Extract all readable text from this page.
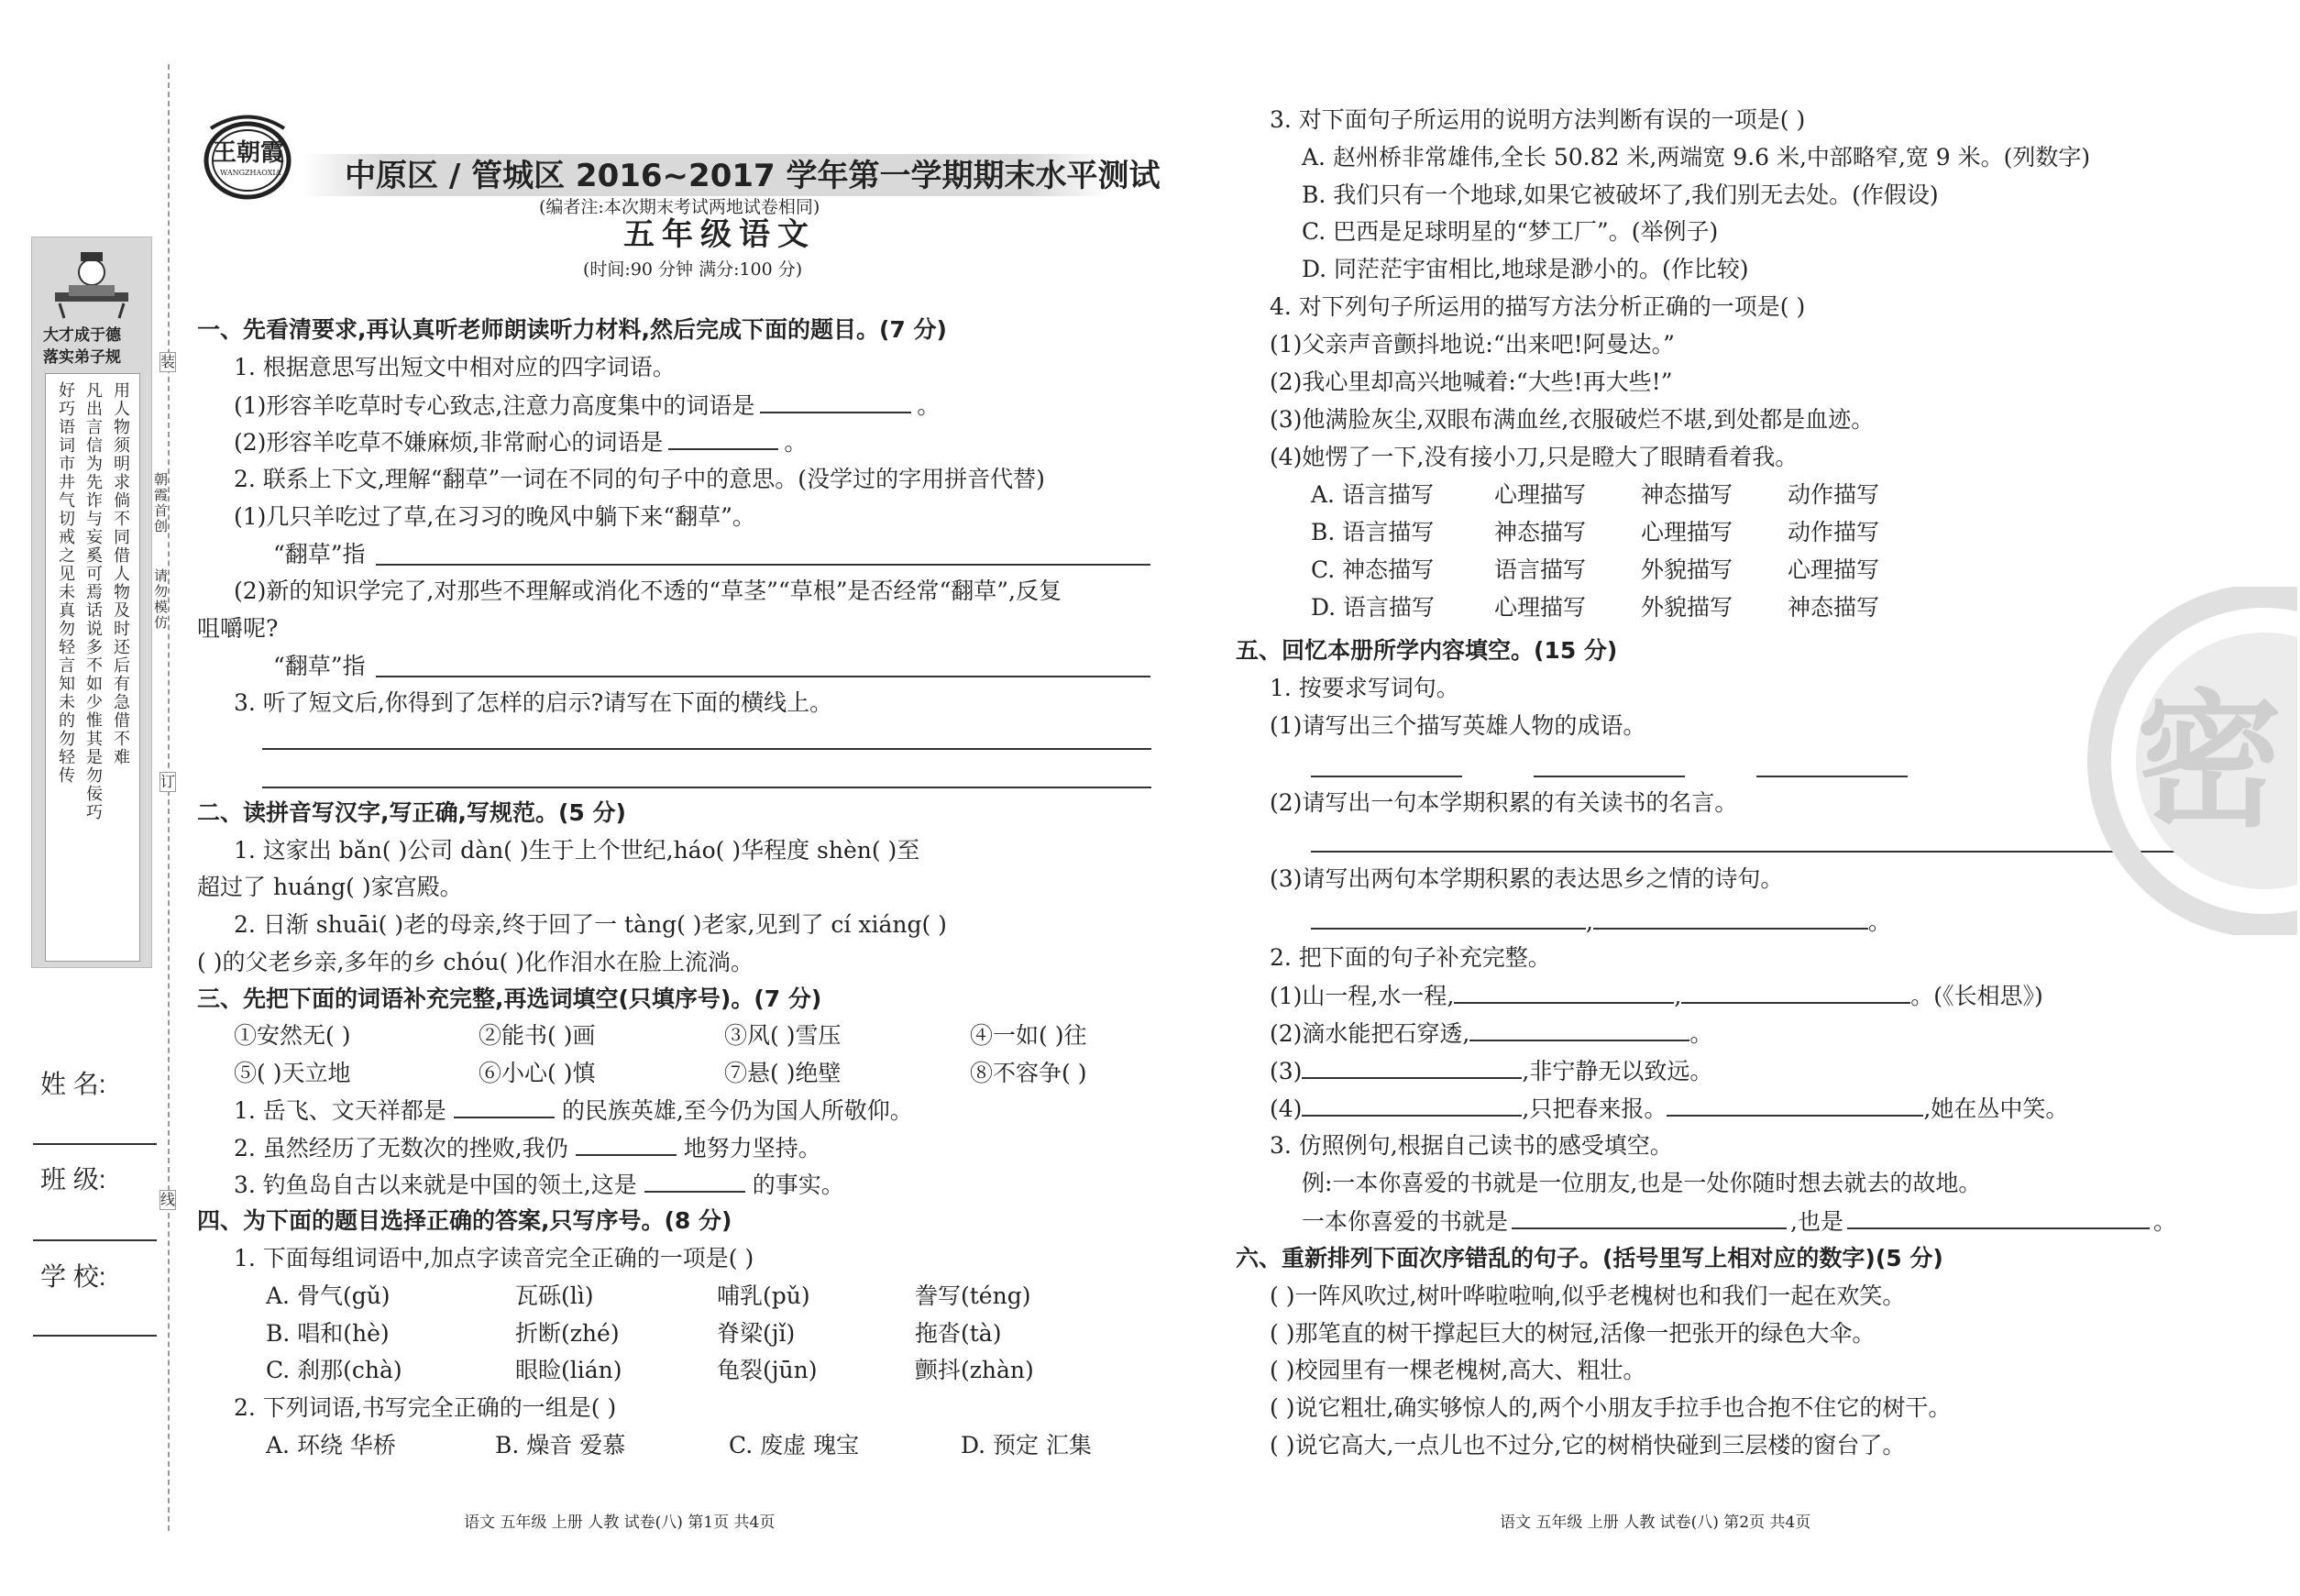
大才成于德
落实弟子规
好巧语词市井气切戒之见未真勿轻言知未的勿轻传 凡出言信为先诈与妄奚可焉话说多不如少惟其是勿佞巧 用人物须明求倘不同借人物及时还后有急借不难
装
订
线
朝霞首创
请勿模仿
姓 名:
班 级:
学 校:
王朝霞
WANGZHAOXIA 中原区 / 管城区 2016~2017 学年第一学期期末水平测试
(编者注:本次期末考试两地试卷相同)
五年级语文
(时间:90 分钟 满分:100 分)
一、先看清要求,再认真听老师朗读听力材料,然后完成下面的题目。(7 分)
1. 根据意思写出短文中相对应的四字词语。
(1)形容羊吃草时专心致志,注意力高度集中的词语是	。
(2)形容羊吃草不嫌麻烦,非常耐心的词语是	。
2. 联系上下文,理解“翻草”一词在不同的句子中的意思。(没学过的字用拼音代替)
(1)几只羊吃过了草,在习习的晚风中躺下来“翻草”。
“翻草”指
(2)新的知识学完了,对那些不理解或消化不透的“草茎”“草根”是否经常“翻草”,反复
咀嚼呢?
“翻草”指
3. 听了短文后,你得到了怎样的启示?请写在下面的横线上。
二、读拼音写汉字,写正确,写规范。(5 分)
1. 这家出 bǎn( )公司 dàn( )生于上个世纪,háo( )华程度 shèn( )至
超过了 huáng( )家宫殿。
2. 日渐 shuāi( )老的母亲,终于回了一 tàng( )老家,见到了 cí xiáng( )
( )的父老乡亲,多年的乡 chóu( )化作泪水在脸上流淌。
三、先把下面的词语补充完整,再选词填空(只填序号)。(7 分)
①安然无( )	②能书( )画	③风( )雪压	④一如( )往
⑤( )天立地	⑥小心( )慎	⑦悬( )绝壁	⑧不容争( )
1. 岳飞、文天祥都是	的民族英雄,至今仍为国人所敬仰。
2. 虽然经历了无数次的挫败,我仍	地努力坚持。
3. 钓鱼岛自古以来就是中国的领土,这是	的事实。
四、为下面的题目选择正确的答案,只写序号。(8 分)
1. 下面每组词语中,加点字读音完全正确的一项是( )
A. 骨气(gǔ)	瓦砾(lì)	哺乳(pǔ)	誊写(téng)
B. 唱和(hè)	折断(zhé)	脊梁(jǐ)	拖沓(tà)
C. 刹那(chà)	眼睑(lián)	龟裂(jūn)	颤抖(zhàn)
2. 下列词语,书写完全正确的一组是( )
A. 环绕 华桥	B. 燥音 爱慕	C. 废虚 瑰宝	D. 预定 汇集
语文 五年级 上册 人教 试卷(八) 第1页 共4页
3. 对下面句子所运用的说明方法判断有误的一项是( )
A. 赵州桥非常雄伟,全长 50.82 米,两端宽 9.6 米,中部略窄,宽 9 米。(列数字)
B. 我们只有一个地球,如果它被破坏了,我们别无去处。(作假设)
C. 巴西是足球明星的“梦工厂”。(举例子)
D. 同茫茫宇宙相比,地球是渺小的。(作比较)
4. 对下列句子所运用的描写方法分析正确的一项是( )
(1)父亲声音颤抖地说:“出来吧!阿曼达。”
(2)我心里却高兴地喊着:“大些!再大些!”
(3)他满脸灰尘,双眼布满血丝,衣服破烂不堪,到处都是血迹。
(4)她愣了一下,没有接小刀,只是瞪大了眼睛看着我。
A. 语言描写	心理描写 神态描写 动作描写
B. 语言描写	神态描写 心理描写 动作描写
C. 神态描写	语言描写 外貌描写 心理描写
D. 语言描写	心理描写 外貌描写 神态描写
五、回忆本册所学内容填空。(15 分)
1. 按要求写词句。
(1)请写出三个描写英雄人物的成语。
(2)请写出一句本学期积累的有关读书的名言。
(3)请写出两句本学期积累的表达思乡之情的诗句。
,	。
2. 把下面的句子补充完整。
(1)山一程,水一程,	,	。(《长相思》)
(2)滴水能把石穿透,	。
(3)	,非宁静无以致远。
(4)	,只把春来报。	,她在丛中笑。
3. 仿照例句,根据自己读书的感受填空。
例:一本你喜爱的书就是一位朋友,也是一处你随时想去就去的故地。
一本你喜爱的书就是	,也是	。
六、重新排列下面次序错乱的句子。(括号里写上相对应的数字)(5 分)
( )一阵风吹过,树叶哗啦啦响,似乎老槐树也和我们一起在欢笑。
( )那笔直的树干撑起巨大的树冠,活像一把张开的绿色大伞。
( )校园里有一棵老槐树,高大、粗壮。
( )说它粗壮,确实够惊人的,两个小朋友手拉手也合抱不住它的树干。
( )说它高大,一点儿也不过分,它的树梢快碰到三层楼的窗台了。
语文 五年级 上册 人教 试卷(八) 第2页 共4页
密
